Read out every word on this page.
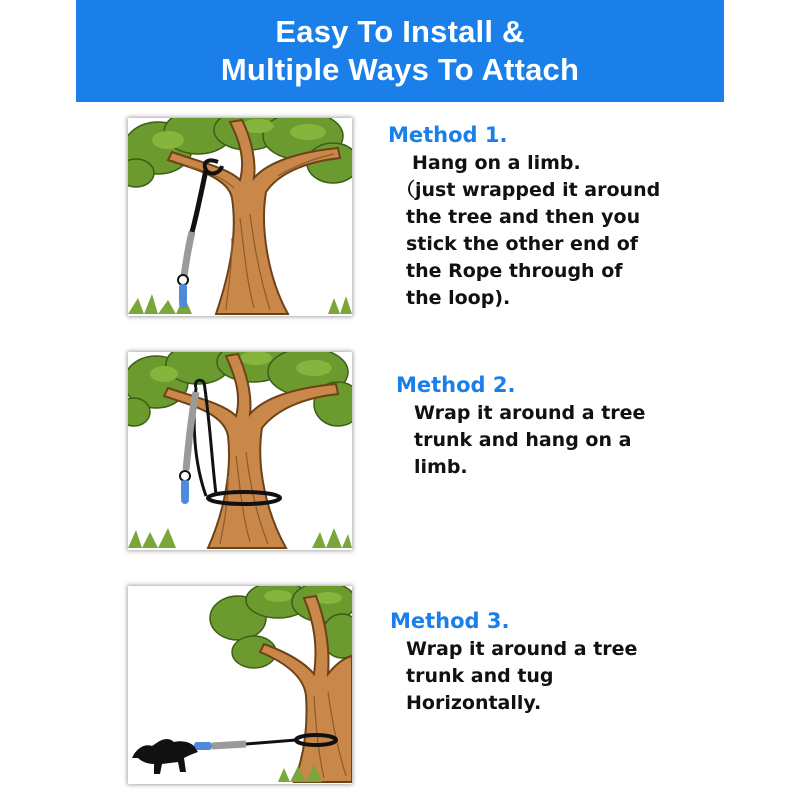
Easy To Install &
Multiple Ways To Attach
Method 1.
Hang on a limb.
（just wrapped it around
the tree and then you
stick the other end of
the Rope through of
the loop).
Method 2.
Wrap it around a tree
trunk and hang on a
limb.
Method 3.
Wrap it around a tree
trunk and tug
Horizontally.
